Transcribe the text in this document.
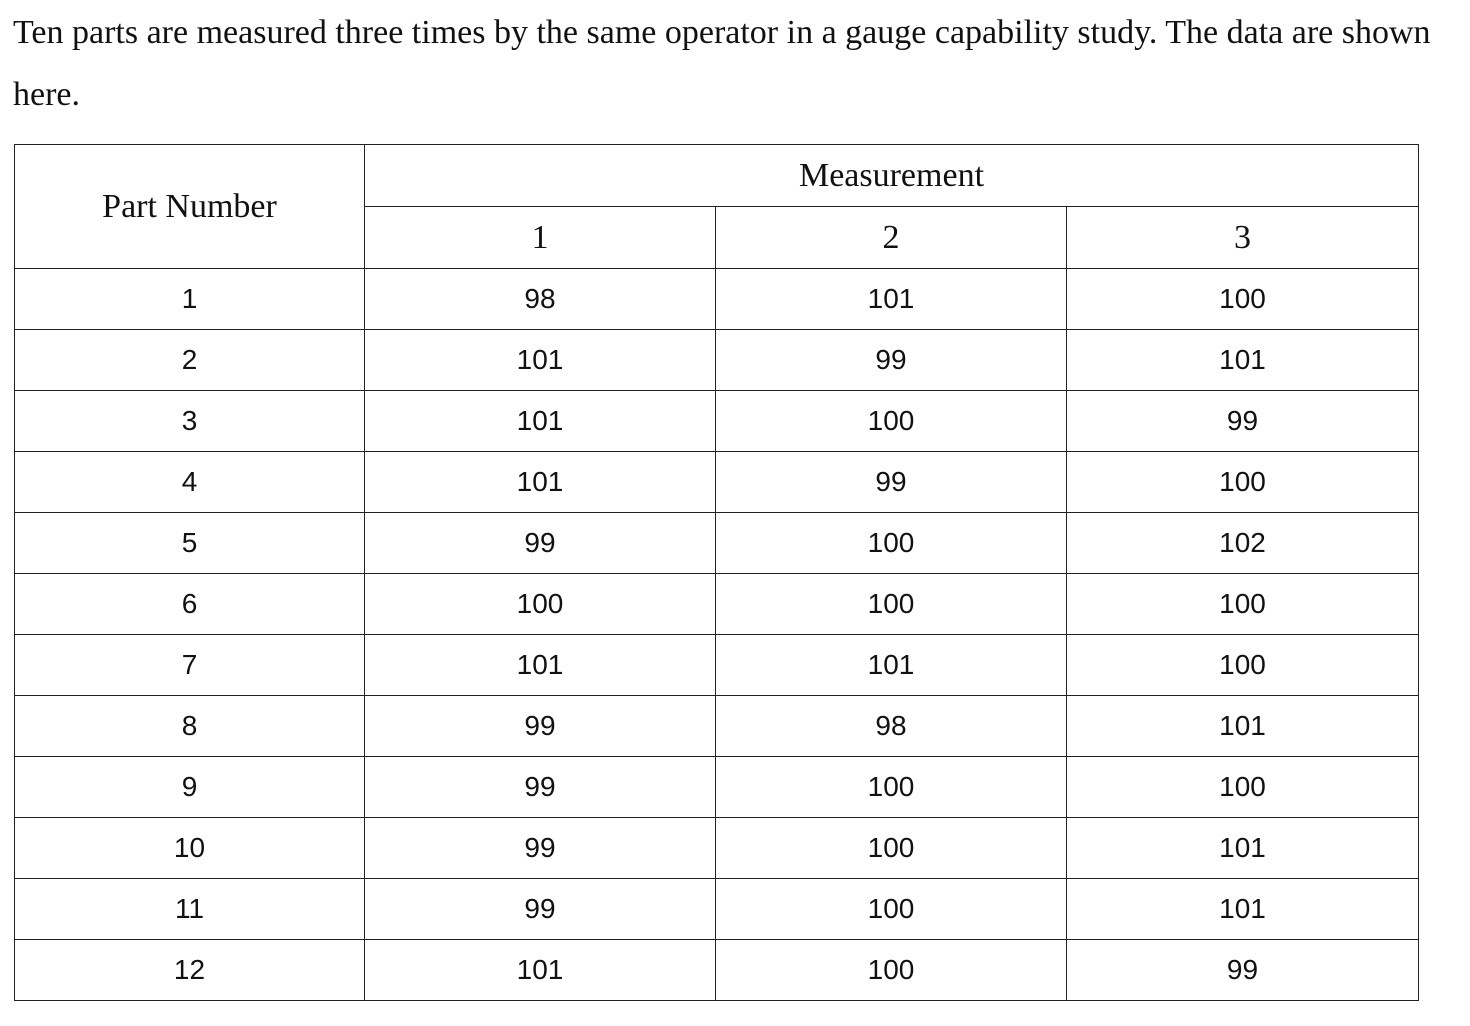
Ten parts are measured three times by the same operator in a gauge capability study. The data are shown here.

Part Number	Measurement		
	1	2	3
1	98	101	100
2	101	99	101
3	101	100	99
4	101	99	100
5	99	100	102
6	100	100	100
7	101	101	100
8	99	98	101
9	99	100	100
10	99	100	101
11	99	100	101
12	101	100	99
